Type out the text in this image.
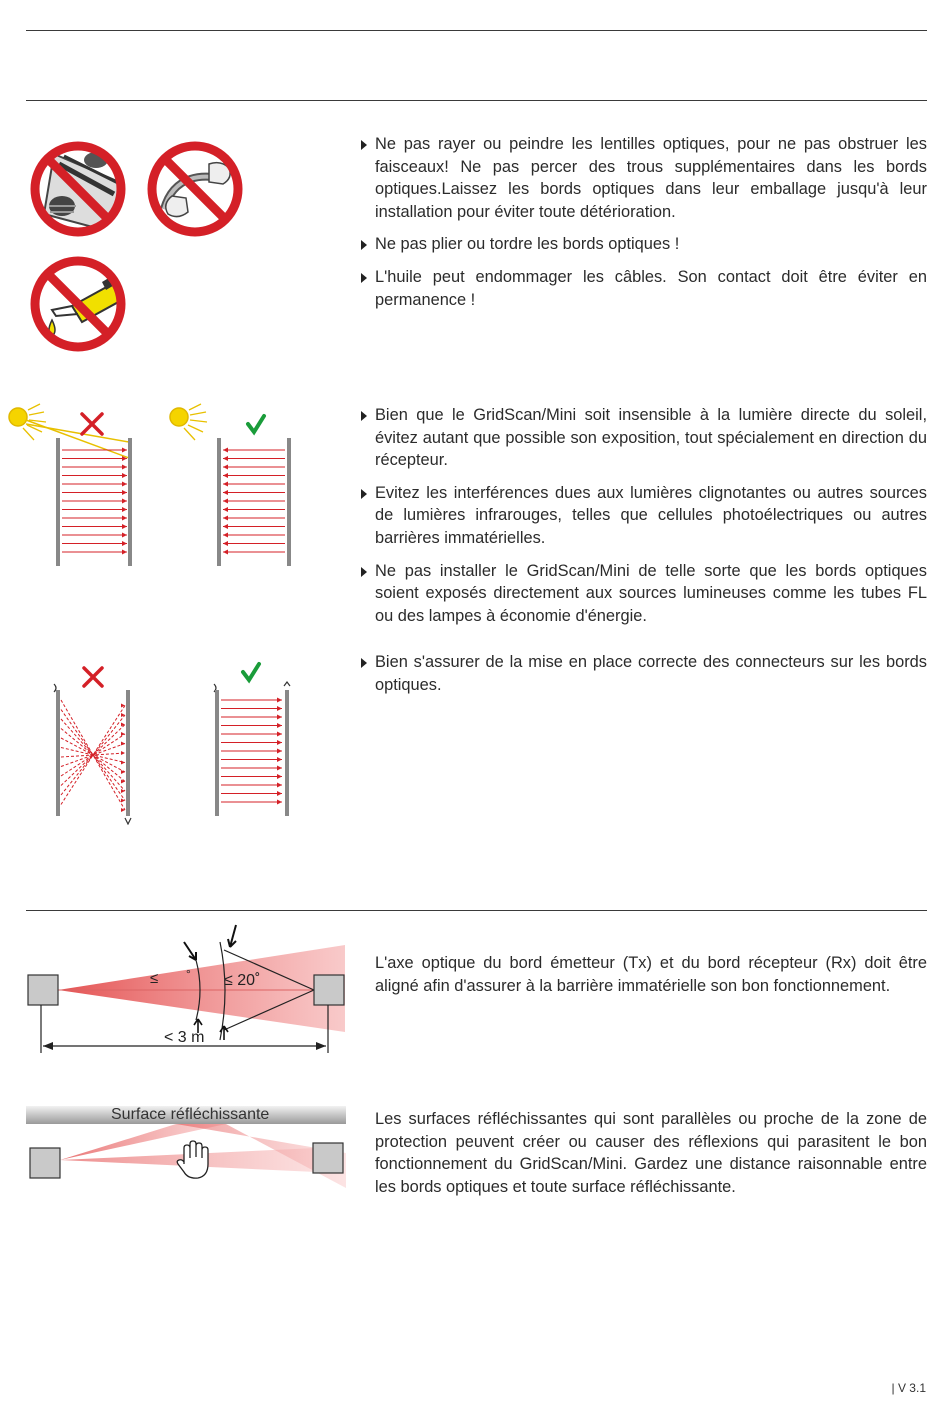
Ne pas rayer ou peindre les lentilles optiques, pour ne pas obstruer les faisceaux! Ne pas percer des trous supplémentaires dans les bords optiques.Laissez les bords optiques dans leur emballage jusqu'à leur installation pour éviter toute détérioration.
Ne pas plier ou tordre les bords optiques !
L'huile peut endommager les câbles. Son contact doit être éviter en permanence !
Bien que le GridScan/Mini soit insensible à la lumière directe du soleil, évitez autant que possible son exposition, tout spécialement en direction du récepteur.
Evitez les interférences dues aux lumières clignotantes ou autres sources de lumières infrarouges, telles que cellules photoélectriques ou autres barrières immatérielles.
Ne pas installer le GridScan/Mini de telle sorte que les bords optiques soient exposés directement aux sources lumineuses comme les tubes FL ou des lampes à économie d'énergie.
Bien s'assurer de la mise en place correcte des connecteurs sur les bords optiques.
≤ ° ≤ 20˚
< 3 m

L'axe optique du bord émetteur (Tx) et du bord récepteur (Rx) doit être aligné afin d'assurer à la barrière immatérielle son bon fonctionnement.

Surface réfléchissante	Les surfaces réfléchissantes qui sont parallèles ou proche de la zone de protection peuvent créer ou causer des réflexions qui parasitent le bon fonctionnement du GridScan/Mini. Gardez une distance raisonnable entre les bords optiques et toute surface réfléchissante.

| V 3.1
